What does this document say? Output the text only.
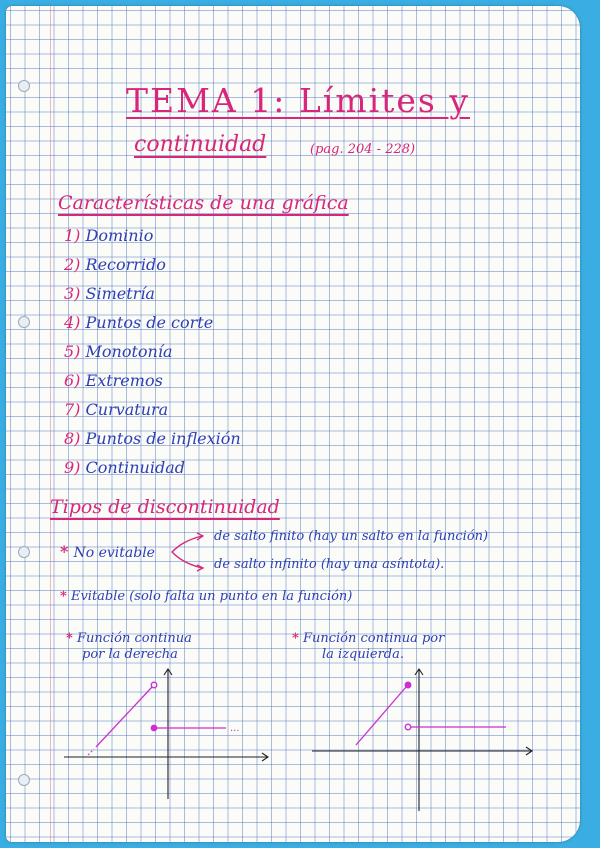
TEMA 1: Límites y
continuidad	(pag. 204 - 228)
Características de una gráfica
1) Dominio
2) Recorrido
3) Simetría
4) Puntos de corte
5) Monotonía
6) Extremos
7) Curvatura
8) Puntos de inflexión
9) Continuidad
Tipos de discontinuidad
* No evitable
de salto finito (hay un salto en la función)
de salto infinito (hay una asíntota).
* Evitable (solo falta un punto en la función)
* Función continua
por la derecha
* Función continua por
la izquierda.
...
